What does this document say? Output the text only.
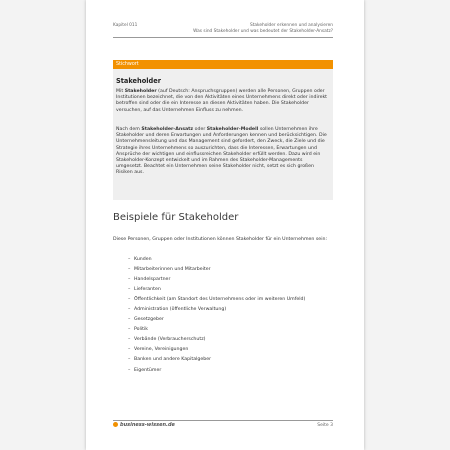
Kapitel 011	Stakeholder erkennen und analysieren
Was sind Stakeholder und was bedeutet der Stakeholder-Ansatz?
Stichwort
Stakeholder
Mit Stakeholder (auf Deutsch: Anspruchsgruppen) werden alle Personen, Gruppen oder Institutionen bezeichnet, die von den Aktivitäten eines Unternehmens direkt oder indirekt betroffen sind oder die ein Interesse an diesen Aktivitäten haben. Die Stakeholder versuchen, auf das Unternehmen Einfluss zu nehmen.
Nach dem Stakeholder-Ansatz oder Stakeholder-Modell sollen Unternehmen ihre Stakeholder und deren Erwartungen und Anforderungen kennen und berücksichtigen. Die Unternehmensleitung und das Management sind gefordert, den Zweck, die Ziele und die Strategie ihres Unternehmens so auszurichten, dass die Interessen, Erwartungen und Ansprüche der wichtigen und einflussreichen Stakeholder erfüllt werden. Dazu wird ein Stakeholder-Konzept entwickelt und im Rahmen des Stakeholder-Managements umgesetzt. Beachtet ein Unternehmen seine Stakeholder nicht, setzt es sich großen Risiken aus.
Beispiele für Stakeholder
Diese Personen, Gruppen oder Institutionen können Stakeholder für ein Unternehmen sein:
– Kunden
– Mitarbeiterinnen und Mitarbeiter
– Handelspartner
– Lieferanten
– Öffentlichkeit (am Standort des Unternehmens oder im weiteren Umfeld)
– Administration (öffentliche Verwaltung)
– Gesetzgeber
– Politik
– Verbände (Verbraucherschutz)
– Vereine, Vereinigungen
– Banken und andere Kapitalgeber
– Eigentümer
business-wissen.de	Seite 3
